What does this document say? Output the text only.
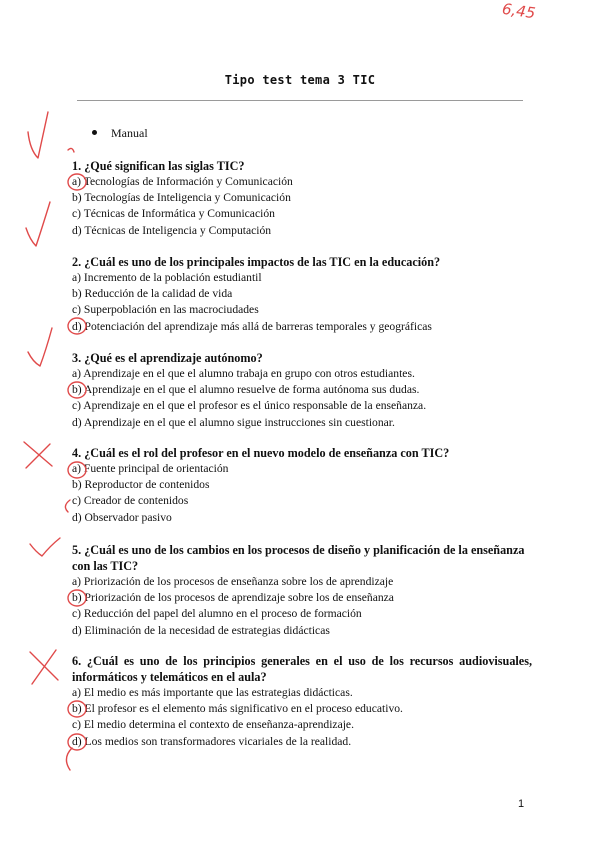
6,45
Tipo test tema 3 TIC
Manual
1. ¿Qué significan las siglas TIC?
a) Tecnologías de Información y Comunicación
b) Tecnologías de Inteligencia y Comunicación
c) Técnicas de Informática y Comunicación
d) Técnicas de Inteligencia y Computación
2. ¿Cuál es uno de los principales impactos de las TIC en la educación?
a) Incremento de la población estudiantil
b) Reducción de la calidad de vida
c) Superpoblación en las macrociudades
d) Potenciación del aprendizaje más allá de barreras temporales y geográficas
3. ¿Qué es el aprendizaje autónomo?
a) Aprendizaje en el que el alumno trabaja en grupo con otros estudiantes.
b) Aprendizaje en el que el alumno resuelve de forma autónoma sus dudas.
c) Aprendizaje en el que el profesor es el único responsable de la enseñanza.
d) Aprendizaje en el que el alumno sigue instrucciones sin cuestionar.
4. ¿Cuál es el rol del profesor en el nuevo modelo de enseñanza con TIC?
a) Fuente principal de orientación
b) Reproductor de contenidos
c) Creador de contenidos
d) Observador pasivo
5. ¿Cuál es uno de los cambios en los procesos de diseño y planificación de la enseñanza con las TIC?
a) Priorización de los procesos de enseñanza sobre los de aprendizaje
b) Priorización de los procesos de aprendizaje sobre los de enseñanza
c) Reducción del papel del alumno en el proceso de formación
d) Eliminación de la necesidad de estrategias didácticas
6. ¿Cuál es uno de los principios generales en el uso de los recursos audiovisuales, informáticos y telemáticos en el aula?
a) El medio es más importante que las estrategias didácticas.
b) El profesor es el elemento más significativo en el proceso educativo.
c) El medio determina el contexto de enseñanza-aprendizaje.
d) Los medios son transformadores vicariales de la realidad.
1
